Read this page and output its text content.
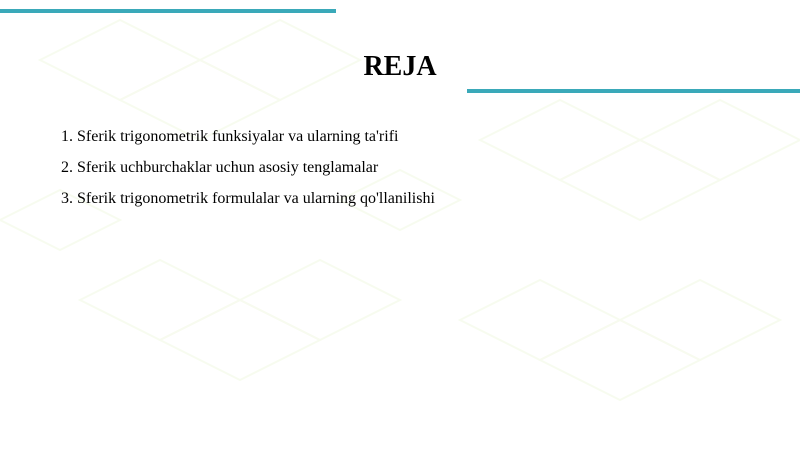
REJA
1. Sferik trigonometrik funksiyalar va ularning ta'rifi
2. Sferik uchburchaklar uchun asosiy tenglamalar
3. Sferik trigonometrik formulalar va ularning qo'llanilishi
